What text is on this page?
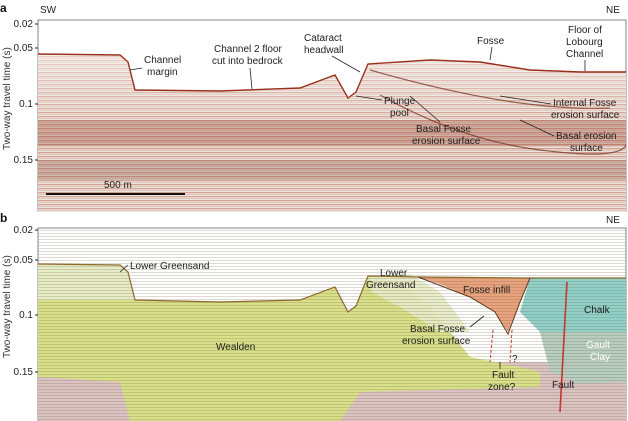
a	SW	NE
Two-way travel time (s)
0.02
0.05
0.1
0.15
500 m
Channel
margin
Channel 2 floor
cut into bedrock
Cataract
headwall
Fosse
Floor of
Lobourg
Channel
Plunge
pool
Internal Fosse
erosion surface
Basal Fosse
erosion surface	Basal erosion
surface
b	NE
Two-way travel time (s)
0.02
0.05
0.1
0.15
Lower Greensand
Lower
Greensand	Fosse infill
Chalk
Gault
Clay
Wealden
Basal Fosse
erosion surface
?
Fault
zone?	Fault
